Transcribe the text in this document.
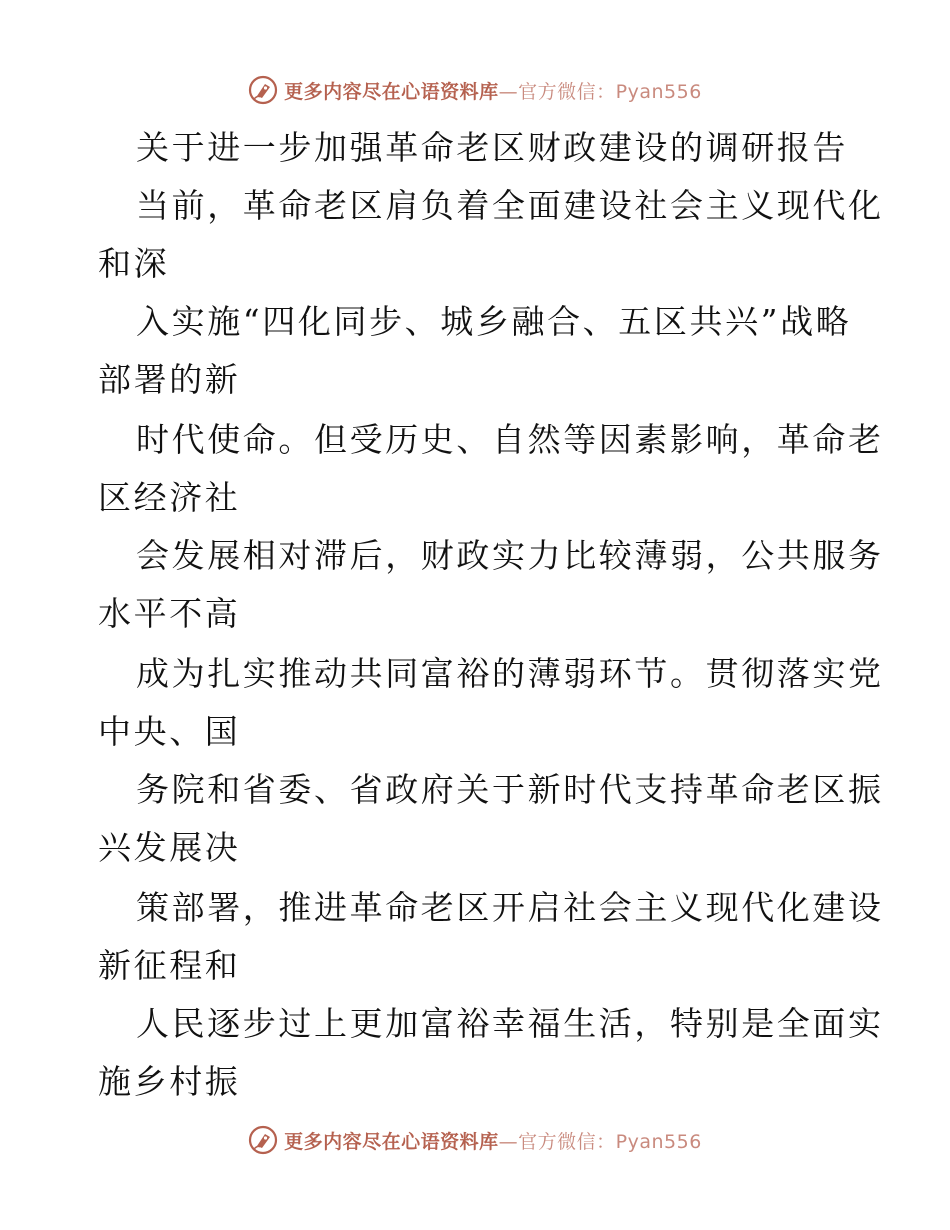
更多内容尽在心语资料库—官方微信：Pyan556
关于进一步加强革命老区财政建设的调研报告
当前，革命老区肩负着全面建设社会主义现代化
和深
入实施“四化同步、城乡融合、五区共兴”战略
部署的新
时代使命。但受历史、自然等因素影响，革命老
区经济社
会发展相对滞后，财政实力比较薄弱，公共服务
水平不高
成为扎实推动共同富裕的薄弱环节。贯彻落实党
中央、国
务院和省委、省政府关于新时代支持革命老区振
兴发展决
策部署，推进革命老区开启社会主义现代化建设
新征程和
人民逐步过上更加富裕幸福生活，特别是全面实
施乡村振
更多内容尽在心语资料库—官方微信：Pyan556
